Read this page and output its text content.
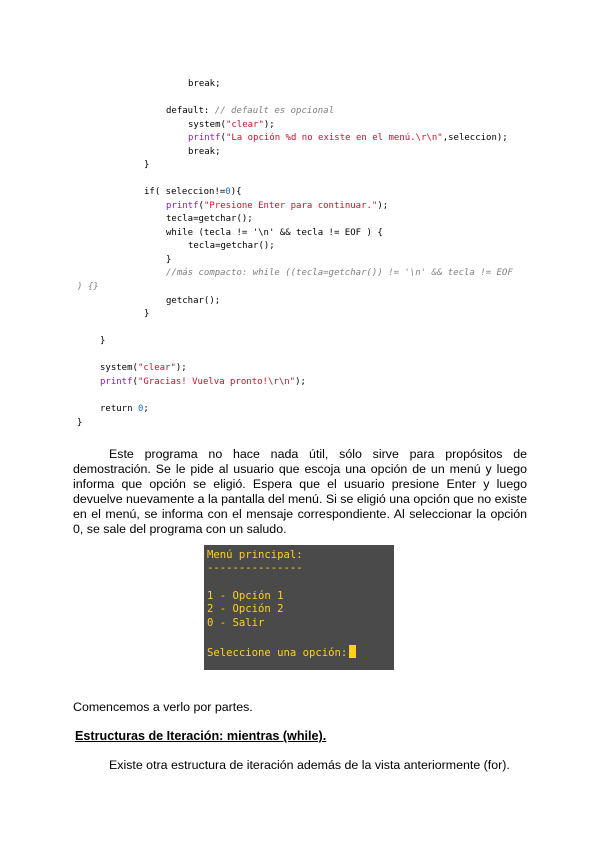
break;
default: // default es opcional
system("clear");
printf("La opción %d no existe en el menú.\r\n",seleccion);
break;
}
if( seleccion!=0){
printf("Presione Enter para continuar.");
tecla=getchar();
while (tecla != '\n' && tecla != EOF ) {
tecla=getchar();
}
//más compacto: while ((tecla=getchar()) != '\n' && tecla != EOF
) {}
getchar();
}
}
system("clear");
printf("Gracias! Vuelva pronto!\r\n");
return 0;
}
Este programa no hace nada útil, sólo sirve para propósitos de demostración. Se le pide al usuario que escoja una opción de un menú y luego informa que opción se eligió. Espera que el usuario presione Enter y luego devuelve nuevamente a la pantalla del menú. Si se eligió una opción que no existe en el menú, se informa con el mensaje correspondiente. Al seleccionar la opción 0, se sale del programa con un saludo.
Menú principal:
---------------
1 - Opción 1
2 - Opción 2
0 - Salir
Seleccione una opción:
Comencemos a verlo por partes.
Estructuras de Iteración: mientras (while).
Existe otra estructura de iteración además de la vista anteriormente (for).
